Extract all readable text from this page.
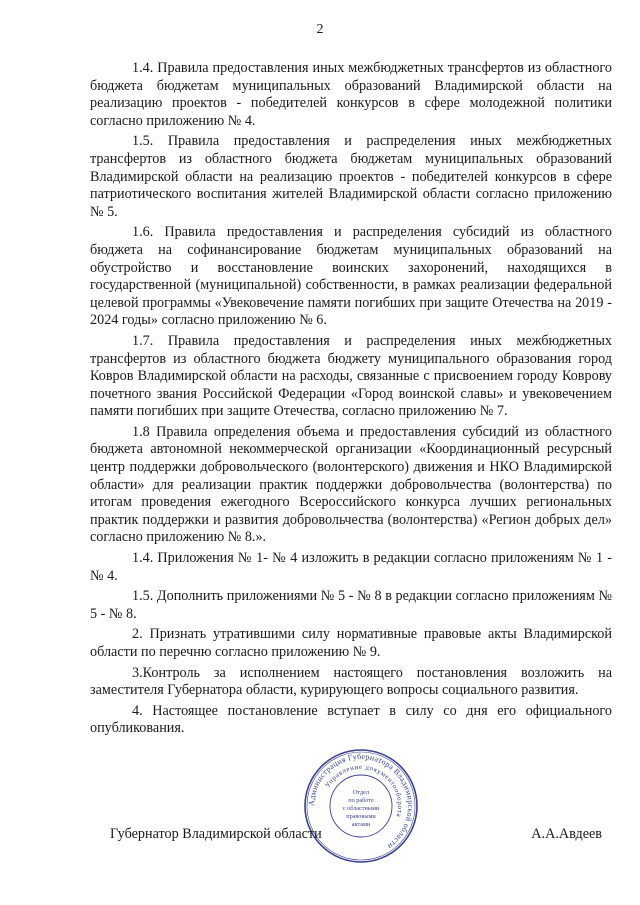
2

1.4. Правила предоставления иных межбюджетных трансфертов из областного бюджета бюджетам муниципальных образований Владимирской области на реализацию проектов - победителей конкурсов в сфере молодежной политики согласно приложению № 4.

1.5. Правила предоставления и распределения иных межбюджетных трансфертов из областного бюджета бюджетам муниципальных образований Владимирской области на реализацию проектов - победителей конкурсов в сфере патриотического воспитания жителей Владимирской области согласно приложению № 5.

1.6. Правила предоставления и распределения субсидий из областного бюджета на софинансирование бюджетам муниципальных образований на обустройство и восстановление воинских захоронений, находящихся в государственной (муниципальной) собственности, в рамках реализации федеральной целевой программы «Увековечение памяти погибших при защите Отечества на 2019 - 2024 годы» согласно приложению № 6.

1.7. Правила предоставления и распределения иных межбюджетных трансфертов из областного бюджета бюджету муниципального образования город Ковров Владимирской области на расходы, связанные с присвоением городу Коврову почетного звания Российской Федерации «Город воинской славы» и увековечением памяти погибших при защите Отечества, согласно приложению № 7.

1.8 Правила определения объема и предоставления субсидий из областного бюджета автономной некоммерческой организации «Координационный ресурсный центр поддержки добровольческого (волонтерского) движения и НКО Владимирской области» для реализации практик поддержки добровольчества (волонтерства) по итогам проведения ежегодного Всероссийского конкурса лучших региональных практик поддержки и развития добровольчества (волонтерства) «Регион добрых дел» согласно приложению № 8.».

1.4. Приложения № 1- № 4 изложить в редакции согласно приложениям № 1 - № 4.

1.5. Дополнить приложениями № 5 - № 8 в редакции согласно приложениям № 5 - № 8.

2. Признать утратившими силу нормативные правовые акты Владимирской области по перечню согласно приложению № 9.

3.Контроль за исполнением настоящего постановления возложить на заместителя Губернатора области, курирующего вопросы социального развития.

4. Настоящее постановление вступает в силу со дня его официального опубликования.

Администрация Губернатора Владимирской области
Управление документооборота
Отдел
по работе
с областными
правовыми
актами
Губернатор Владимирской области	А.А.Авдеев
